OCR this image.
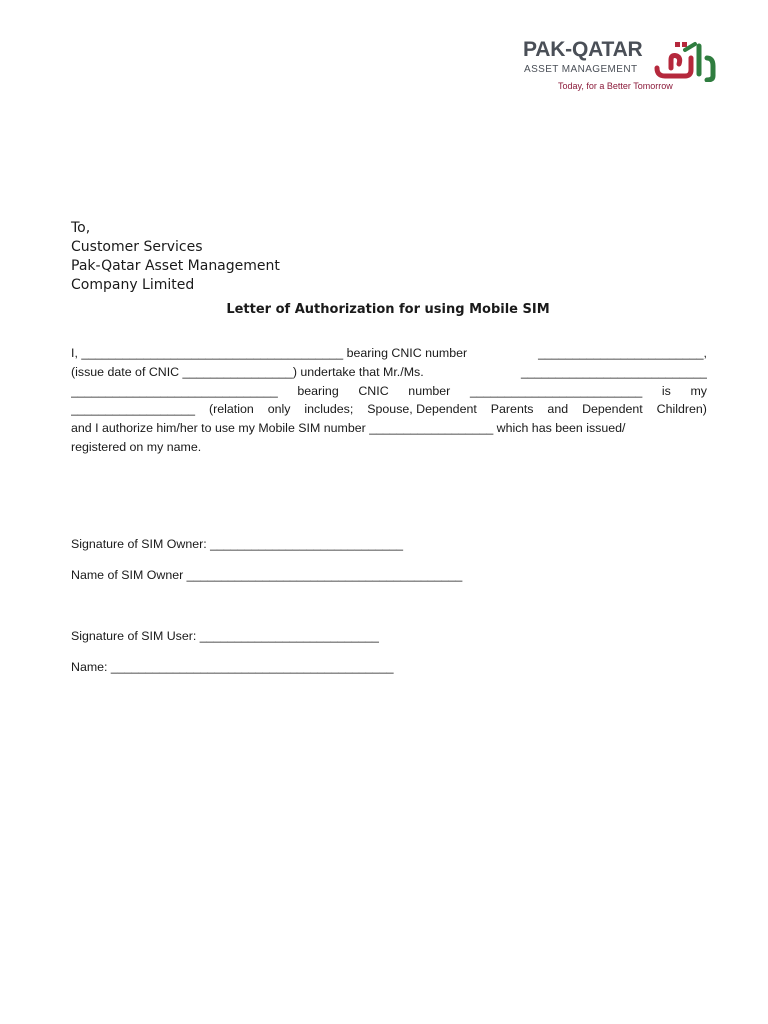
PAK-QATAR
ASSET MANAGEMENT
Today, for a Better Tomorrow
To,
Customer Services
Pak-Qatar Asset Management
Company Limited
Letter of Authorization for using Mobile SIM
I, ______________________________________ bearing CNIC number	________________________,
(issue date of CNIC ________________) undertake that Mr./Ms.	___________________________
______________________________ bearing CNIC number _________________________ is my
__________________ (relation only includes; Spouse, Dependent Parents and Dependent Children)
and I authorize him/her to use my Mobile SIM number __________________ which has been issued/
registered on my name.
Signature of SIM Owner: ____________________________
Name of SIM Owner ________________________________________
Signature of SIM User: __________________________
Name: _________________________________________
